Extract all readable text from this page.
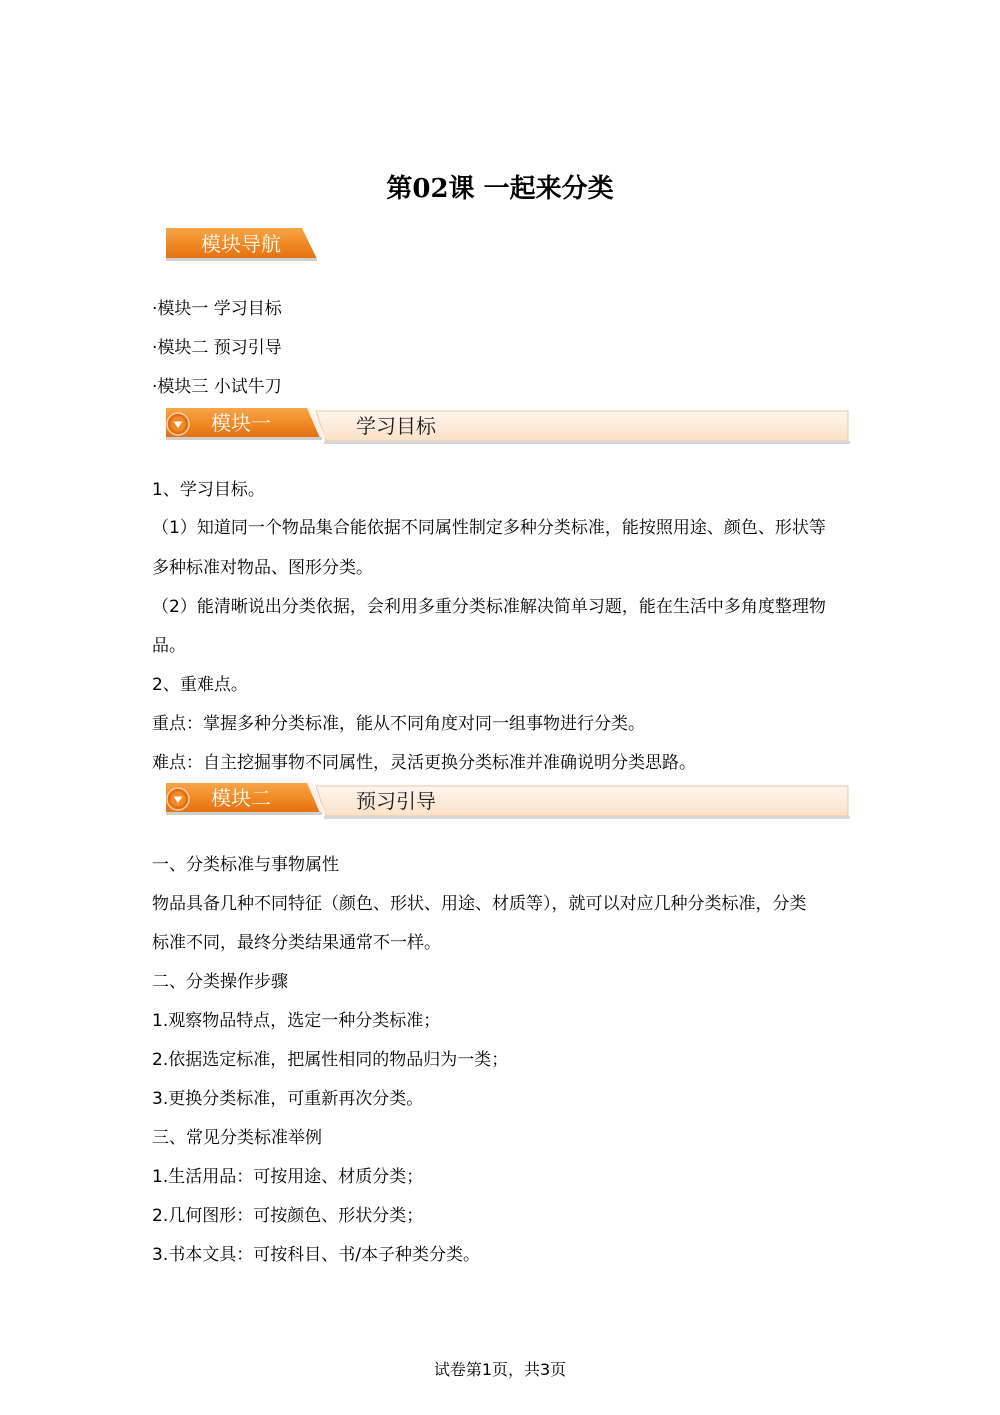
第02课 一起来分类
模块导航
·模块一 学习目标
·模块二 预习引导
·模块三 小试牛刀
模块一	学习目标
1、学习目标。
（1）知道同一个物品集合能依据不同属性制定多种分类标准，能按照用途、颜色、形状等
多种标准对物品、图形分类。
（2）能清晰说出分类依据，会利用多重分类标准解决简单习题，能在生活中多角度整理物
品。
2、重难点。
重点：掌握多种分类标准，能从不同角度对同一组事物进行分类。
难点：自主挖掘事物不同属性，灵活更换分类标准并准确说明分类思路。
模块二	预习引导
一、分类标准与事物属性
物品具备几种不同特征（颜色、形状、用途、材质等），就可以对应几种分类标准，分类
标准不同，最终分类结果通常不一样。
二、分类操作步骤
1.观察物品特点，选定一种分类标准；
2.依据选定标准，把属性相同的物品归为一类；
3.更换分类标准，可重新再次分类。
三、常见分类标准举例
1.生活用品：可按用途、材质分类；
2.几何图形：可按颜色、形状分类；
3.书本文具：可按科目、书/本子种类分类。
试卷第1页，共3页
